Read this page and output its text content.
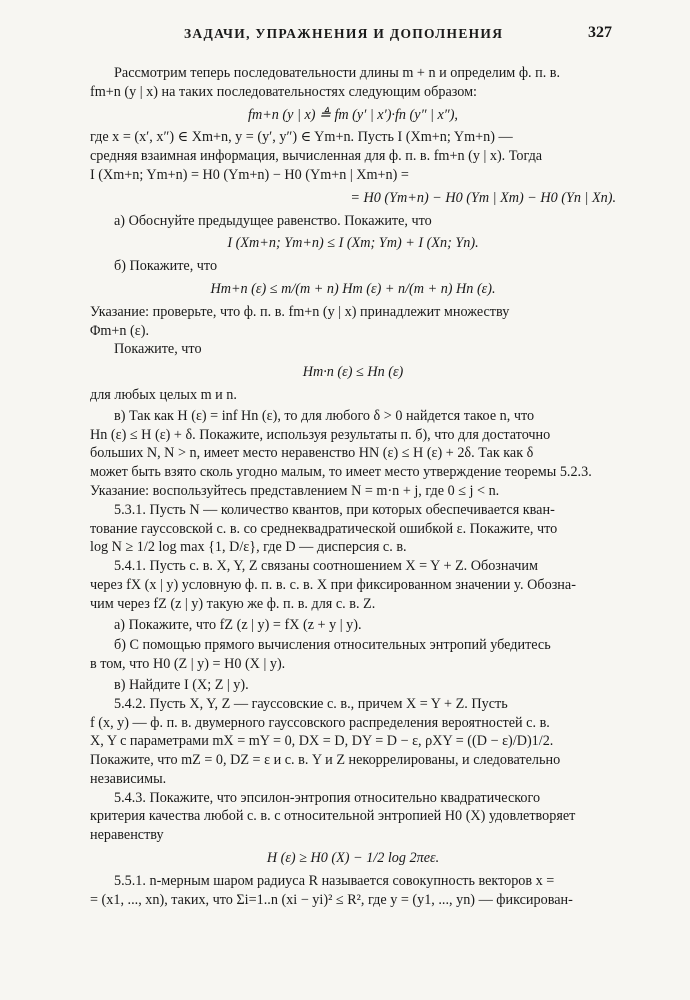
ЗАДАЧИ, УПРАЖНЕНИЯ И ДОПОЛНЕНИЯ	327
Рассмотрим теперь последовательности длины m + n и определим ф. п. в.
fm+n (y | x) на таких последовательностях следующим образом:
fm+n (y | x) ≜ fm (y′ | x′)·fn (y″ | x″),
где x = (x′, x″) ∈ Xm+n, y = (y′, y″) ∈ Ym+n. Пусть I (Xm+n; Ym+n) —
средняя взаимная информация, вычисленная для ф. п. в. fm+n (y | x). Тогда
I (Xm+n; Ym+n) = H0 (Ym+n) − H0 (Ym+n | Xm+n) =
= H0 (Ym+n) − H0 (Ym | Xm) − H0 (Yn | Xn).
а) Обоснуйте предыдущее равенство. Покажите, что
I (Xm+n; Ym+n) ≤ I (Xm; Ym) + I (Xn; Yn).
б) Покажите, что
Hm+n (ε) ≤ m/(m + n) Hm (ε) + n/(m + n) Hn (ε).
Указание: проверьте, что ф. п. в. fm+n (y | x) принадлежит множеству
Φm+n (ε).
Покажите, что
Hm·n (ε) ≤ Hn (ε)
для любых целых m и n.
в) Так как H (ε) = inf Hn (ε), то для любого δ > 0 найдется такое n, что
Hn (ε) ≤ H (ε) + δ. Покажите, используя результаты п. б), что для достаточно
больших N, N > n, имеет место неравенство HN (ε) ≤ H (ε) + 2δ. Так как δ
может быть взято сколь угодно малым, то имеет место утверждение теоремы 5.2.3.
Указание: воспользуйтесь представлением N = m·n + j, где 0 ≤ j < n.
5.3.1. Пусть N — количество квантов, при которых обеспечивается кван-
тование гауссовской с. в. со среднеквадратической ошибкой ε. Покажите, что
log N ≥ 1/2 log max {1, D/ε}, где D — дисперсия с. в.
5.4.1. Пусть с. в. X, Y, Z связаны соотношением X = Y + Z. Обозначим
через fX (x | y) условную ф. п. в. с. в. X при фиксированном значении y. Обозна-
чим через fZ (z | y) такую же ф. п. в. для с. в. Z.
а) Покажите, что fZ (z | y) = fX (z + y | y).
б) С помощью прямого вычисления относительных энтропий убедитесь
в том, что H0 (Z | y) = H0 (X | y).
в) Найдите I (X; Z | y).
5.4.2. Пусть X, Y, Z — гауссовские с. в., причем X = Y + Z. Пусть
f (x, y) — ф. п. в. двумерного гауссовского распределения вероятностей с. в.
X, Y с параметрами mX = mY = 0, DX = D, DY = D − ε, ρXY = ((D − ε)/D)1/2.
Покажите, что mZ = 0, DZ = ε и с. в. Y и Z некоррелированы, и следовательно
независимы.
5.4.3. Покажите, что эпсилон-энтропия относительно квадратического
критерия качества любой с. в. с относительной энтропией H0 (X) удовлетворяет
неравенству
H (ε) ≥ H0 (X) − 1/2 log 2πeε.
5.5.1. n-мерным шаром радиуса R называется совокупность векторов x =
= (x1, ..., xn), таких, что Σi=1..n (xi − yi)² ≤ R², где y = (y1, ..., yn) — фиксирован-
